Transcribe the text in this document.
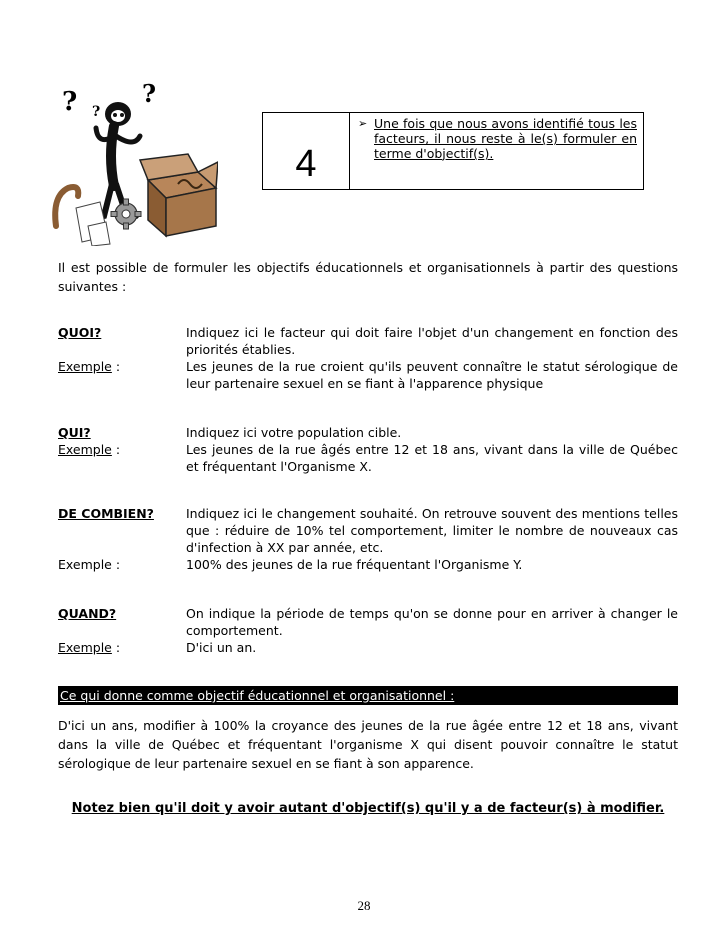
?	?
?
4
➢ Une fois que nous avons identifié tous les facteurs, il nous reste à le(s) formuler en terme d'objectif(s).
Il est possible de formuler les objectifs éducationnels et organisationnels à partir des questions suivantes :
QUOI?	Indiquez ici le facteur qui doit faire l'objet d'un changement en fonction des priorités établies.
Exemple :	Les jeunes de la rue croient qu'ils peuvent connaître le statut sérologique de leur partenaire sexuel en se fiant à l'apparence physique
QUI?	Indiquez ici votre population cible.
Exemple :	Les jeunes de la rue âgés entre 12 et 18 ans, vivant dans la ville de Québec et fréquentant l'Organisme X.
DE COMBIEN?	Indiquez ici le changement souhaité. On retrouve souvent des mentions telles que : réduire de 10% tel comportement, limiter le nombre de nouveaux cas d'infection à XX par année, etc.
Exemple :	100% des jeunes de la rue fréquentant l'Organisme Y.
QUAND?	On indique la période de temps qu'on se donne pour en arriver à changer le comportement.
Exemple :	D'ici un an.
Ce qui donne comme objectif éducationnel et organisationnel :
D'ici un ans, modifier à 100% la croyance des jeunes de la rue âgée entre 12 et 18 ans, vivant dans la ville de Québec et fréquentant l'organisme X qui disent pouvoir connaître le statut sérologique de leur partenaire sexuel en se fiant à son apparence.
Notez bien qu'il doit y avoir autant d'objectif(s) qu'il y a de facteur(s) à modifier.
28
